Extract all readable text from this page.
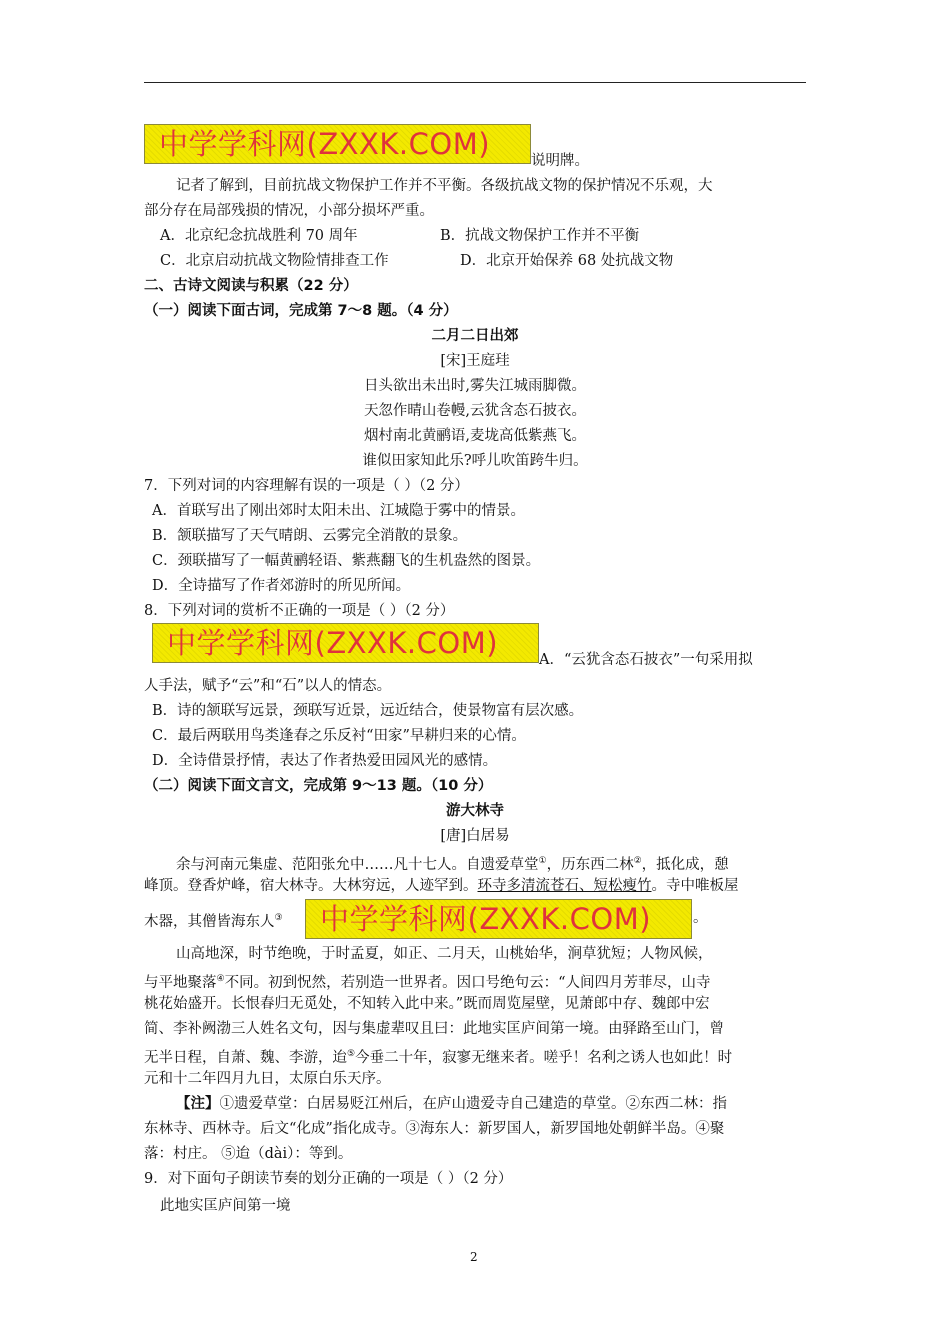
中学学科网(ZXXK.COM)	说明牌。
记者了解到，目前抗战文物保护工作并不平衡。各级抗战文物的保护情况不乐观，大
部分存在局部残损的情况，小部分损坏严重。
A．北京纪念抗战胜利 70 周年	B．抗战文物保护工作并不平衡
C．北京启动抗战文物险情排查工作	D．北京开始保养 68 处抗战文物
二、古诗文阅读与积累（22 分）
（一）阅读下面古词，完成第 7～8 题。（4 分）
二月二日出郊
[宋]王庭珪
日头欲出未出时,雾失江城雨脚微。
天忽作晴山卷幔,云犹含态石披衣。
烟村南北黄鹂语,麦垅高低紫燕飞。
谁似田家知此乐?呼儿吹笛跨牛归。
7．下列对词的内容理解有误的一项是（ ）（2 分）
A．首联写出了刚出郊时太阳未出、江城隐于雾中的情景。
B．颔联描写了天气晴朗、云雾完全消散的景象。
C．颈联描写了一幅黄鹂轻语、紫燕翻飞的生机盎然的图景。
D．全诗描写了作者郊游时的所见所闻。
8．下列对词的赏析不正确的一项是（ ）（2 分）
中学学科网(ZXXK.COM)	A．“云犹含态石披衣”一句采用拟
人手法，赋予“云”和“石”以人的情态。
B．诗的颔联写远景，颈联写近景，远近结合，使景物富有层次感。
C．最后两联用鸟类逢春之乐反衬“田家”早耕归来的心情。
D．全诗借景抒情，表达了作者热爱田园风光的感情。
（二）阅读下面文言文，完成第 9～13 题。（10 分）
游大林寺
[唐]白居易
余与河南元集虚、范阳张允中……凡十七人。自遗爱草堂①，历东西二林②，抵化成，憩
峰顶。登香炉峰，宿大林寺。大林穷远，人迹罕到。环寺多清流苍石、短松瘦竹。寺中唯板屋
木器，其僧皆海东人③ 中学学科网(ZXXK.COM)	。
山高地深，时节绝晚，于时孟夏，如正、二月天，山桃始华，涧草犹短；人物风候，
与平地聚落④不同。初到怳然，若别造一世界者。因口号绝句云：“人间四月芳菲尽，山寺
桃花始盛开。长恨春归无觅处，不知转入此中来。”既而周览屋壁，见萧郎中存、魏郎中宏
简、李补阙渤三人姓名文句，因与集虚辈叹且曰：此地实匡庐间第一境。由驿路至山门，曾
无半日程，自萧、魏、李游，迨⑤今垂二十年，寂寥无继来者。嗟乎！名利之诱人也如此！时
元和十二年四月九日，太原白乐天序。
【注】①遗爱草堂：白居易贬江州后，在庐山遗爱寺自己建造的草堂。②东西二林：指
东林寺、西林寺。后文“化成”指化成寺。③海东人：新罗国人，新罗国地处朝鲜半岛。④聚
落：村庄。 ⑤迨（dài）：等到。
9．对下面句子朗读节奏的划分正确的一项是（ ）（2 分）
此地实匡庐间第一境
2
